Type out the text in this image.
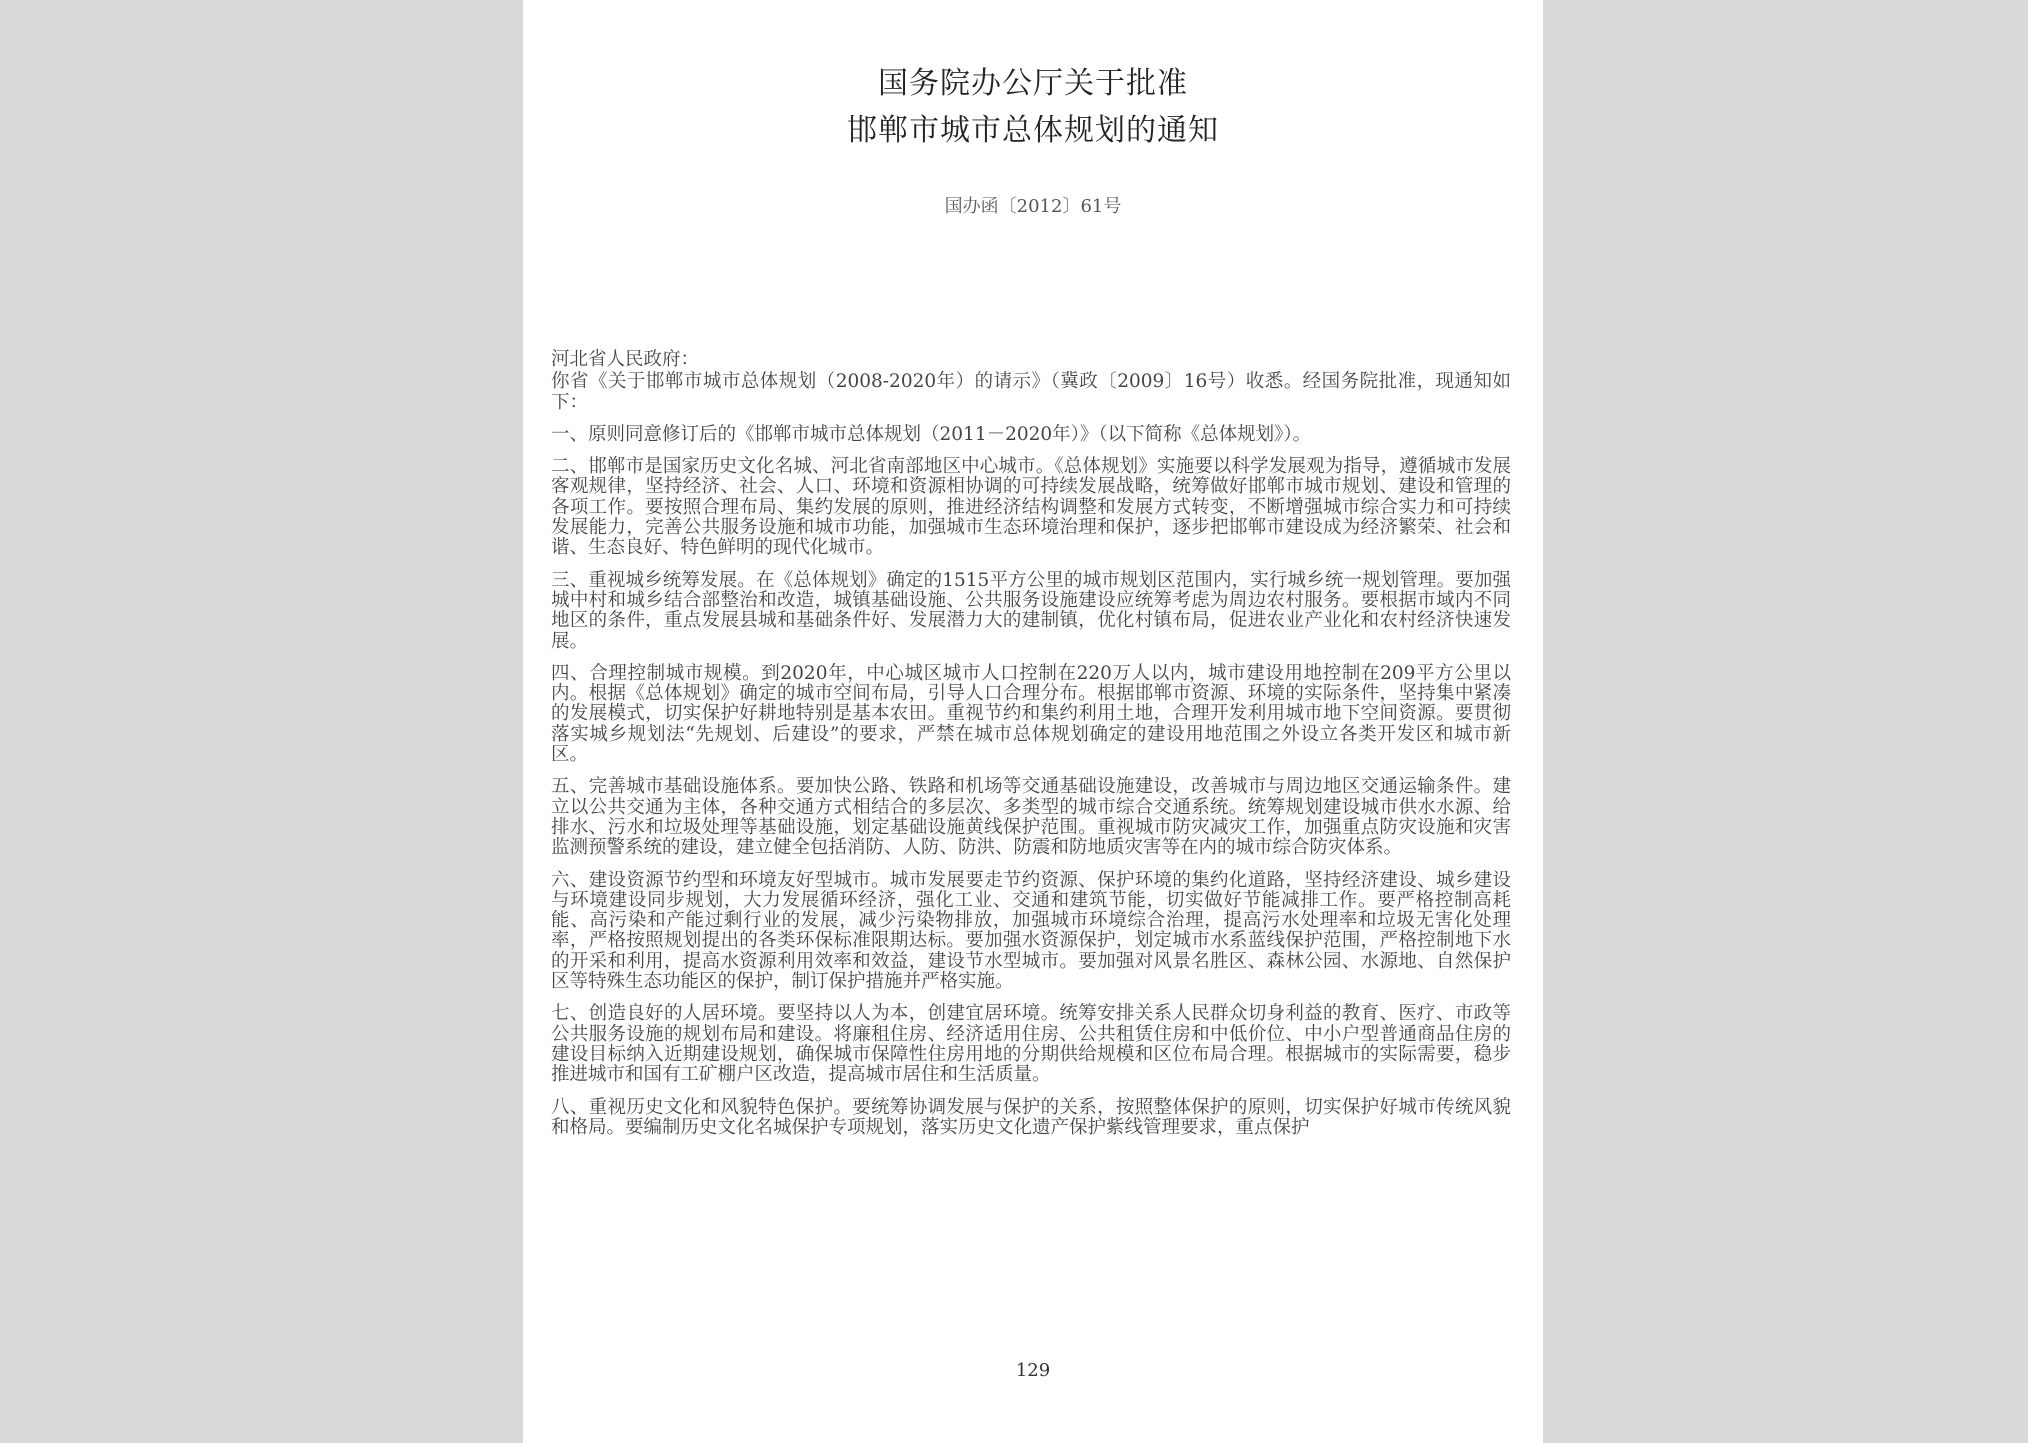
国务院办公厅关于批准
邯郸市城市总体规划的通知
国办函〔2012〕61号

河北省人民政府：

你省《关于邯郸市城市总体规划（2008-2020年）的请示》（冀政〔2009〕16号）收悉。经国务院批准，现通知如下：

一、原则同意修订后的《邯郸市城市总体规划（2011－2020年）》（以下简称《总体规划》）。

二、邯郸市是国家历史文化名城、河北省南部地区中心城市。《总体规划》实施要以科学发展观为指导，遵循城市发展客观规律，坚持经济、社会、人口、环境和资源相协调的可持续发展战略，统筹做好邯郸市城市规划、建设和管理的各项工作。要按照合理布局、集约发展的原则，推进经济结构调整和发展方式转变，不断增强城市综合实力和可持续发展能力，完善公共服务设施和城市功能，加强城市生态环境治理和保护，逐步把邯郸市建设成为经济繁荣、社会和谐、生态良好、特色鲜明的现代化城市。

三、重视城乡统筹发展。在《总体规划》确定的1515平方公里的城市规划区范围内，实行城乡统一规划管理。要加强城中村和城乡结合部整治和改造，城镇基础设施、公共服务设施建设应统筹考虑为周边农村服务。要根据市域内不同地区的条件，重点发展县城和基础条件好、发展潜力大的建制镇，优化村镇布局，促进农业产业化和农村经济快速发展。

四、合理控制城市规模。到2020年，中心城区城市人口控制在220万人以内，城市建设用地控制在209平方公里以内。根据《总体规划》确定的城市空间布局，引导人口合理分布。根据邯郸市资源、环境的实际条件，坚持集中紧凑的发展模式，切实保护好耕地特别是基本农田。重视节约和集约利用土地，合理开发利用城市地下空间资源。要贯彻落实城乡规划法“先规划、后建设”的要求，严禁在城市总体规划确定的建设用地范围之外设立各类开发区和城市新区。

五、完善城市基础设施体系。要加快公路、铁路和机场等交通基础设施建设，改善城市与周边地区交通运输条件。建立以公共交通为主体，各种交通方式相结合的多层次、多类型的城市综合交通系统。统筹规划建设城市供水水源、给排水、污水和垃圾处理等基础设施，划定基础设施黄线保护范围。重视城市防灾减灾工作，加强重点防灾设施和灾害监测预警系统的建设，建立健全包括消防、人防、防洪、防震和防地质灾害等在内的城市综合防灾体系。

六、建设资源节约型和环境友好型城市。城市发展要走节约资源、保护环境的集约化道路，坚持经济建设、城乡建设与环境建设同步规划，大力发展循环经济，强化工业、交通和建筑节能，切实做好节能减排工作。要严格控制高耗能、高污染和产能过剩行业的发展，减少污染物排放，加强城市环境综合治理，提高污水处理率和垃圾无害化处理率，严格按照规划提出的各类环保标准限期达标。要加强水资源保护，划定城市水系蓝线保护范围，严格控制地下水的开采和利用，提高水资源利用效率和效益，建设节水型城市。要加强对风景名胜区、森林公园、水源地、自然保护区等特殊生态功能区的保护，制订保护措施并严格实施。

七、创造良好的人居环境。要坚持以人为本，创建宜居环境。统筹安排关系人民群众切身利益的教育、医疗、市政等公共服务设施的规划布局和建设。将廉租住房、经济适用住房、公共租赁住房和中低价位、中小户型普通商品住房的建设目标纳入近期建设规划，确保城市保障性住房用地的分期供给规模和区位布局合理。根据城市的实际需要，稳步推进城市和国有工矿棚户区改造，提高城市居住和生活质量。

八、重视历史文化和风貌特色保护。要统筹协调发展与保护的关系，按照整体保护的原则，切实保护好城市传统风貌和格局。要编制历史文化名城保护专项规划，落实历史文化遗产保护紫线管理要求，重点保护

129
